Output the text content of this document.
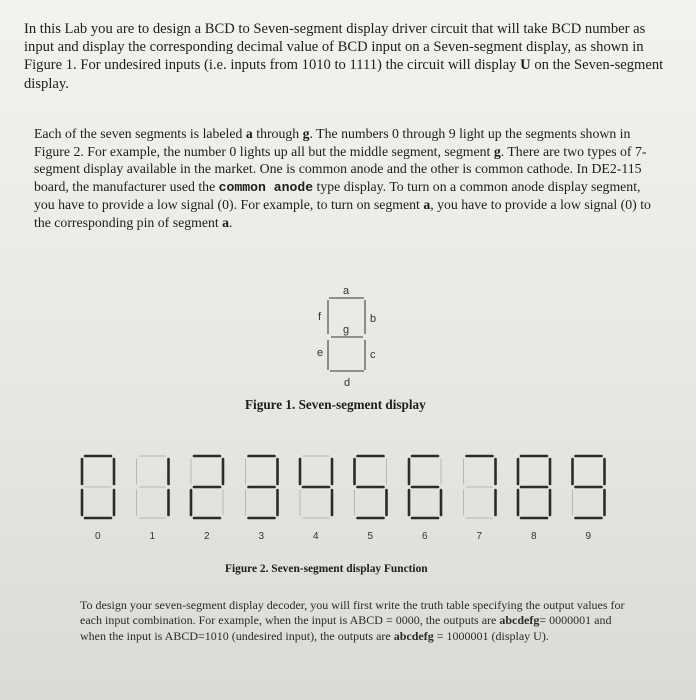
In this Lab you are to design a BCD to Seven-segment display driver circuit that will take BCD number as input and display the corresponding decimal value of BCD input on a Seven-segment display, as shown in Figure 1. For undesired inputs (i.e. inputs from 1010 to 1111) the circuit will display U on the Seven-segment display.

Each of the seven segments is labeled a through g. The numbers 0 through 9 light up the segments shown in Figure 2. For example, the number 0 lights up all but the middle segment, segment g. There are two types of 7-segment display available in the market. One is common anode and the other is common cathode. In DE2-115 board, the manufacturer used the common anode type display. To turn on a common anode display segment, you have to provide a low signal (0). For example, to turn on segment a, you have to provide a low signal (0) to the corresponding pin of segment a.

a
b
c
d
e
f
g
0	1	2	3	4	5	6	7	8	9

Figure 1. Seven-segment display

Figure 2. Seven-segment display Function

To design your seven-segment display decoder, you will first write the truth table specifying the output values for each input combination. For example, when the input is ABCD = 0000, the outputs are abcdefg= 0000001 and when the input is ABCD=1010 (undesired input), the outputs are abcdefg = 1000001 (display U).
